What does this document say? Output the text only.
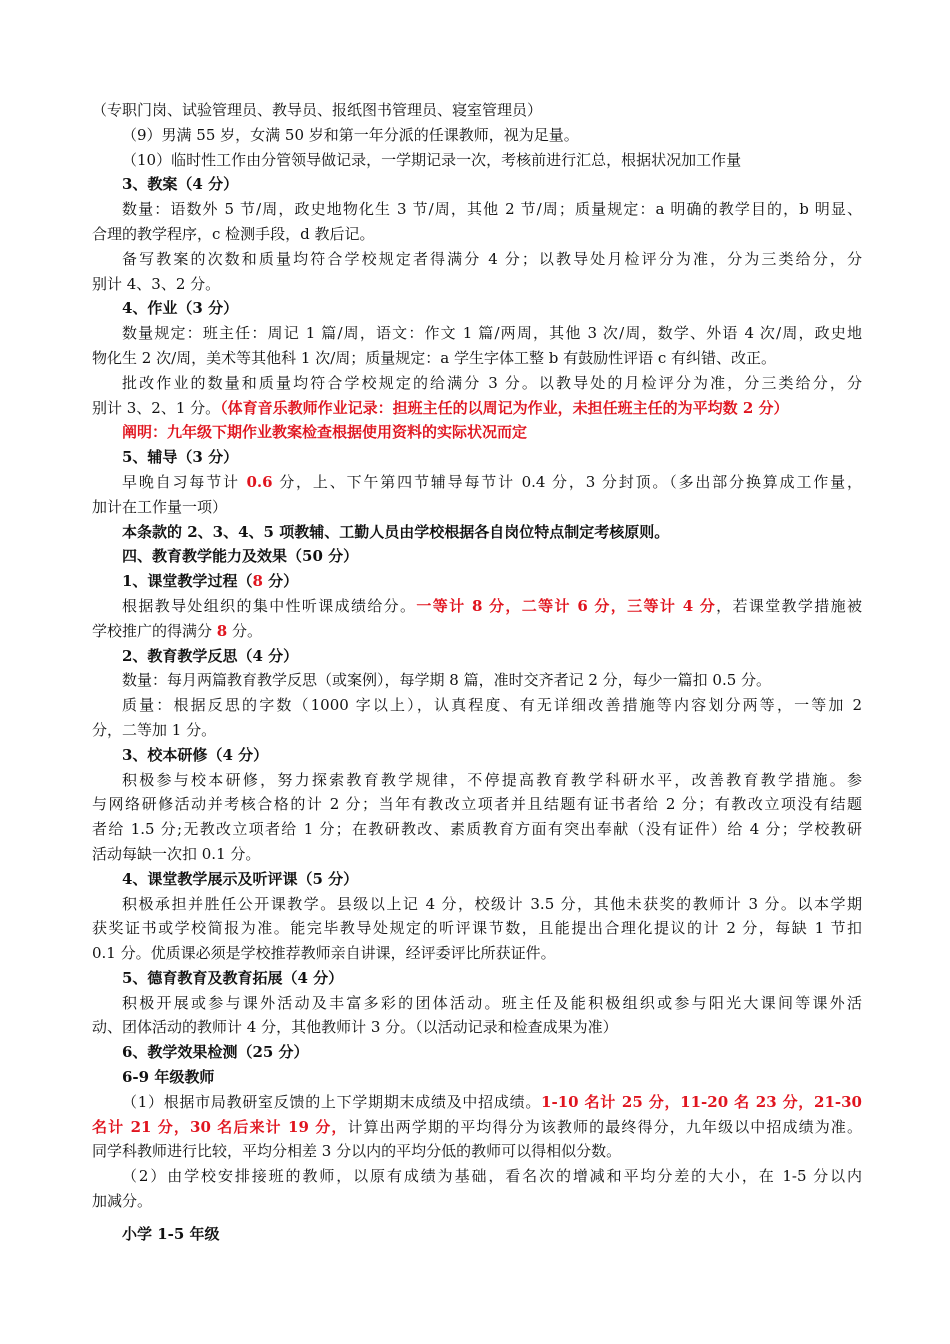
（专职门岗、试验管理员、教导员、报纸图书管理员、寝室管理员）

（9）男满 55 岁，女满 50 岁和第一年分派的任课教师，视为足量。

（10）临时性工作由分管领导做记录，一学期记录一次，考核前进行汇总，根据状况加工作量

3、教案（4 分）

数量：语数外 5 节/周，政史地物化生 3 节/周，其他 2 节/周；质量规定：a 明确的教学目的，b 明显、

合理的教学程序，c 检测手段，d 教后记。

备写教案的次数和质量均符合学校规定者得满分 4 分；以教导处月检评分为准，分为三类给分，分

别计 4、3、2 分。

4、作业（3 分）

数量规定：班主任：周记 1 篇/周，语文：作文 1 篇/两周，其他 3 次/周，数学、外语 4 次/周，政史地

物化生 2 次/周，美术等其他科 1 次/周；质量规定：a 学生字体工整 b 有鼓励性评语 c 有纠错、改正。

批改作业的数量和质量均符合学校规定的给满分 3 分。以教导处的月检评分为准，分三类给分，分

别计 3、2、1 分。（体育音乐教师作业记录：担班主任的以周记为作业，未担任班主任的为平均数 2 分）

阐明：九年级下期作业教案检查根据使用资料的实际状况而定

5、辅导（3 分）

早晚自习每节计 0.6 分，上、下午第四节辅导每节计 0.4 分，3 分封顶。（多出部分换算成工作量，

加计在工作量一项）

本条款的 2、3、4、5 项教辅、工勤人员由学校根据各自岗位特点制定考核原则。

四、教育教学能力及效果（50 分）

1、课堂教学过程（8 分）

根据教导处组织的集中性听课成绩给分。一等计 8 分，二等计 6 分，三等计 4 分，若课堂教学措施被

学校推广的得满分 8 分。

2、教育教学反思（4 分）

数量：每月两篇教育教学反思（或案例），每学期 8 篇，准时交齐者记 2 分，每少一篇扣 0.5 分。

质量：根据反思的字数（1000 字以上），认真程度、有无详细改善措施等内容划分两等，一等加 2

分，二等加 1 分。

3、校本研修（4 分）

积极参与校本研修，努力探索教育教学规律，不停提高教育教学科研水平，改善教育教学措施。参

与网络研修活动并考核合格的计 2 分；当年有教改立项者并且结题有证书者给 2 分；有教改立项没有结题

者给 1.5 分;无教改立项者给 1 分；在教研教改、素质教育方面有突出奉献（没有证件）给 4 分；学校教研

活动每缺一次扣 0.1 分。

4、课堂教学展示及听评课（5 分）

积极承担并胜任公开课教学。县级以上记 4 分，校级计 3.5 分，其他未获奖的教师计 3 分。以本学期

获奖证书或学校简报为准。能完毕教导处规定的听评课节数，且能提出合理化提议的计 2 分，每缺 1 节扣

0.1 分。优质课必须是学校推荐教师亲自讲课，经评委评比所获证件。

5、德育教育及教育拓展（4 分）

积极开展或参与课外活动及丰富多彩的团体活动。班主任及能积极组织或参与阳光大课间等课外活

动、团体活动的教师计 4 分，其他教师计 3 分。（以活动记录和检查成果为准）

6、教学效果检测（25 分）

6-9 年级教师

（1）根据市局教研室反馈的上下学期期末成绩及中招成绩。1-10 名计 25 分，11-20 名 23 分，21-30

名计 21 分，30 名后来计 19 分，计算出两学期的平均得分为该教师的最终得分，九年级以中招成绩为准。

同学科教师进行比较，平均分相差 3 分以内的平均分低的教师可以得相似分数。

（2）由学校安排接班的教师，以原有成绩为基础，看名次的增减和平均分差的大小，在 1-5 分以内

加减分。

小学 1-5 年级
